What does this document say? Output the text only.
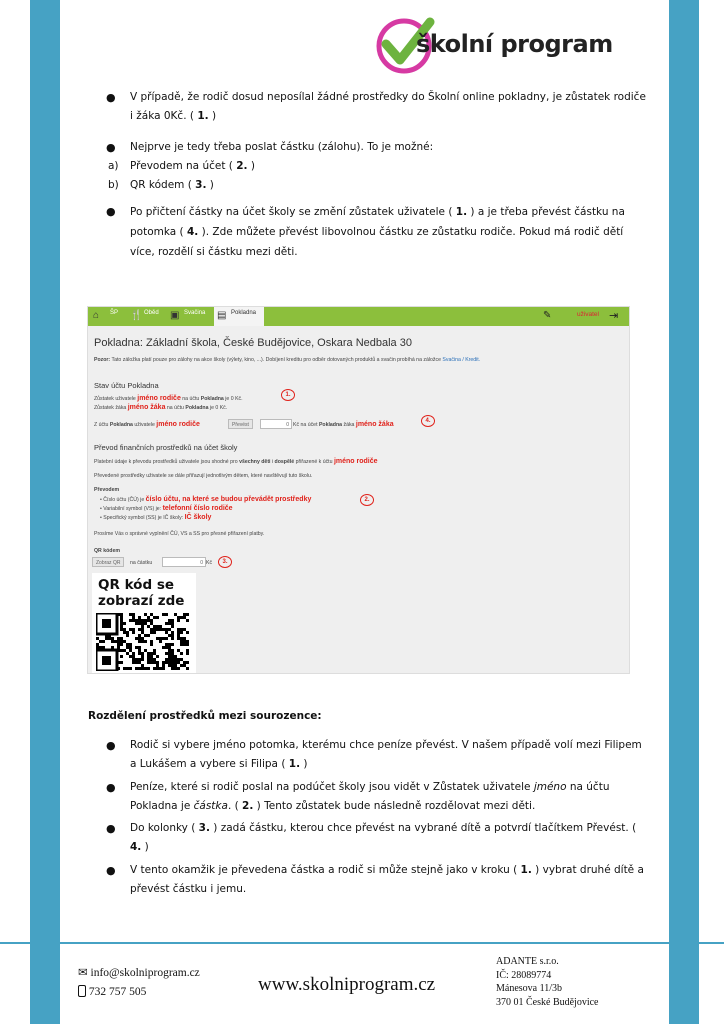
školní program
● V případě, že rodič dosud neposílal žádné prostředky do Školní online pokladny, je zůstatek rodiče i žáka 0Kč. ( 1. )
● Nejprve je tedy třeba poslat částku (zálohu). To je možné:
a) Převodem na účet ( 2. )
b) QR kódem ( 3. )
● Po přičtení částky na účet školy se změní zůstatek uživatele ( 1. ) a je třeba převést částku na potomka ( 4. ). Zde můžete převést libovolnou částku ze zůstatku rodiče. Pokud má rodič dětí více, rozdělí si částku mezi děti.
⌂	ŠP 🍴 Oběd ▣ Svačina ▤ Pokladna	✎	uživatel ⇥
Pokladna: Základní škola, České Budějovice, Oskara Nedbala 30
Pozor: Tato záložka platí pouze pro zálohy na akce školy (výlety, kino, ...). Dobíjení kreditu pro odběr dotovaných produktů a svačin probíhá na záložce Svačina / Kredit.
Stav účtu Pokladna
Zůstatek uživatele jméno rodiče na účtu Pokladna je 0 Kč.
Zůstatek žáka jméno žáka na účtu Pokladna je 0 Kč.
1.
Z účtu Pokladna uživatele jméno rodiče	Převést	0 Kč na účet Pokladna žáka jméno žáka	4.
Převod finančních prostředků na účet školy
Platební údaje k převodu prostředků uživatele jsou shodné pro všechny děti i dospělé přiřazené k účtu jméno rodiče
Převedené prostředky uživatele se dále přiřazují jednotlivým dětem, které navštěvují tuto školu.
Převodem
• Číslo účtu (ČÚ) je číslo účtu, na které se budou převádět prostředky
• Variabilní symbol (VS) je: telefonní číslo rodiče
• Specifický symbol (SS) je IČ školy: IČ školy
2.
Prosíme Vás o správné vyplnění ČÚ, VS a SS pro přesné přiřazení platby.
QR kódem
Zobraz QR	na částku	0 Kč	3.
QR kód se
zobrazí zde
Rozdělení prostředků mezi sourozence:
● Rodič si vybere jméno potomka, kterému chce peníze převést. V našem případě volí mezi Filipem a Lukášem a vybere si Filipa ( 1. )
● Peníze, které si rodič poslal na podúčet školy jsou vidět v Zůstatek uživatele jméno na účtu Pokladna je částka. ( 2. ) Tento zůstatek bude následně rozdělovat mezi děti.
● Do kolonky ( 3. ) zadá částku, kterou chce převést na vybrané dítě a potvrdí tlačítkem Převést. ( 4. )
● V tento okamžik je převedena částka a rodič si může stejně jako v kroku ( 1. ) vybrat druhé dítě a převést částku i jemu.
✉ info@skolniprogram.cz
732 757 505	www.skolniprogram.cz
ADANTE s.r.o.
IČ: 28089774
Mánesova 11/3b
370 01 České Budějovice
